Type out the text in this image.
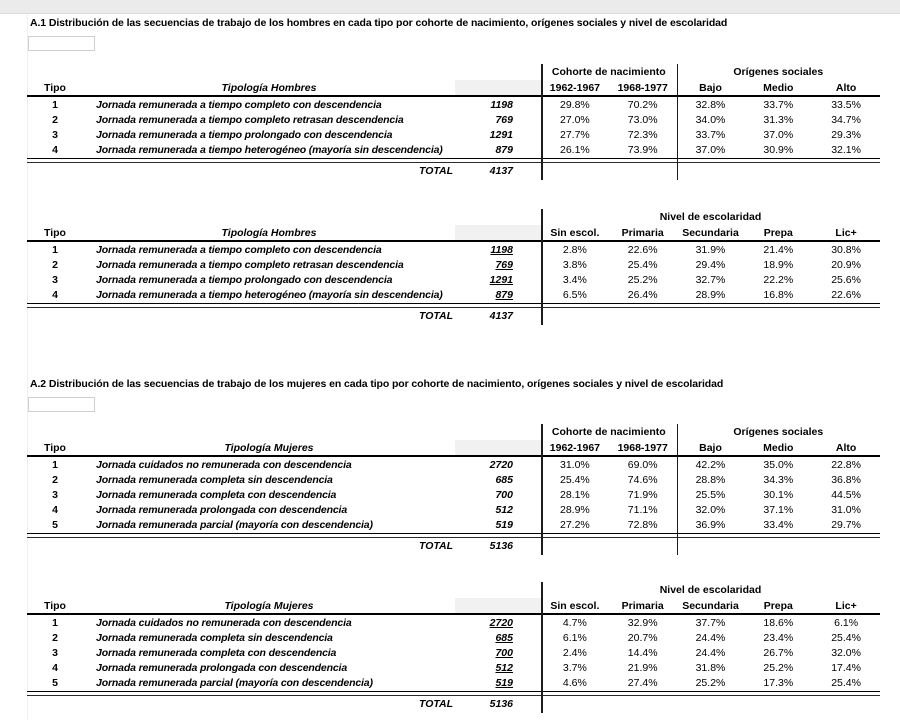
A.1 Distribución de las secuencias de trabajo de los hombres en cada tipo por cohorte de nacimiento, orígenes sociales y nivel de escolaridad
Cohorte de nacimiento	Orígenes sociales
Tipo	Tipología Hombres	1962-1967	1968-1977	Bajo	Medio	Alto
1	Jornada remunerada a tiempo completo con descendencia	1198	29.8%	70.2%	32.8%	33.7%	33.5%
2	Jornada remunerada a tiempo completo retrasan descendencia	769	27.0%	73.0%	34.0%	31.3%	34.7%
3	Jornada remunerada a tiempo prolongado con descendencia	1291	27.7%	72.3%	33.7%	37.0%	29.3%
4	Jornada remunerada a tiempo heterogéneo (mayoría sin descendencia)	879	26.1%	73.9%	37.0%	30.9%	32.1%
TOTAL	4137
Nivel de escolaridad
Tipo	Tipología Hombres	Sin escol.	Primaria	Secundaria	Prepa	Lic+
1	Jornada remunerada a tiempo completo con descendencia	1198	2.8%	22.6%	31.9%	21.4%	30.8%
2	Jornada remunerada a tiempo completo retrasan descendencia	769	3.8%	25.4%	29.4%	18.9%	20.9%
3	Jornada remunerada a tiempo prolongado con descendencia	1291	3.4%	25.2%	32.7%	22.2%	25.6%
4	Jornada remunerada a tiempo heterogéneo (mayoría sin descendencia)	879	6.5%	26.4%	28.9%	16.8%	22.6%
TOTAL	4137
A.2 Distribución de las secuencias de trabajo de los mujeres en cada tipo por cohorte de nacimiento, orígenes sociales y nivel de escolaridad
Cohorte de nacimiento	Orígenes sociales
Tipo	Tipología Mujeres	1962-1967	1968-1977	Bajo	Medio	Alto
1	Jornada cuidados no remunerada con descendencia	2720	31.0%	69.0%	42.2%	35.0%	22.8%
2	Jornada remunerada completa sin descendencia	685	25.4%	74.6%	28.8%	34.3%	36.8%
3	Jornada remunerada completa con descendencia	700	28.1%	71.9%	25.5%	30.1%	44.5%
4	Jornada remunerada prolongada con descendencia	512	28.9%	71.1%	32.0%	37.1%	31.0%
5	Jornada remunerada parcial (mayoría con descendencia)	519	27.2%	72.8%	36.9%	33.4%	29.7%
TOTAL	5136
Nivel de escolaridad
Tipo	Tipología Mujeres	Sin escol.	Primaria	Secundaria	Prepa	Lic+
1	Jornada cuidados no remunerada con descendencia	2720	4.7%	32.9%	37.7%	18.6%	6.1%
2	Jornada remunerada completa sin descendencia	685	6.1%	20.7%	24.4%	23.4%	25.4%
3	Jornada remunerada completa con descendencia	700	2.4%	14.4%	24.4%	26.7%	32.0%
4	Jornada remunerada prolongada con descendencia	512	3.7%	21.9%	31.8%	25.2%	17.4%
5	Jornada remunerada parcial (mayoría con descendencia)	519	4.6%	27.4%	25.2%	17.3%	25.4%
TOTAL	5136
